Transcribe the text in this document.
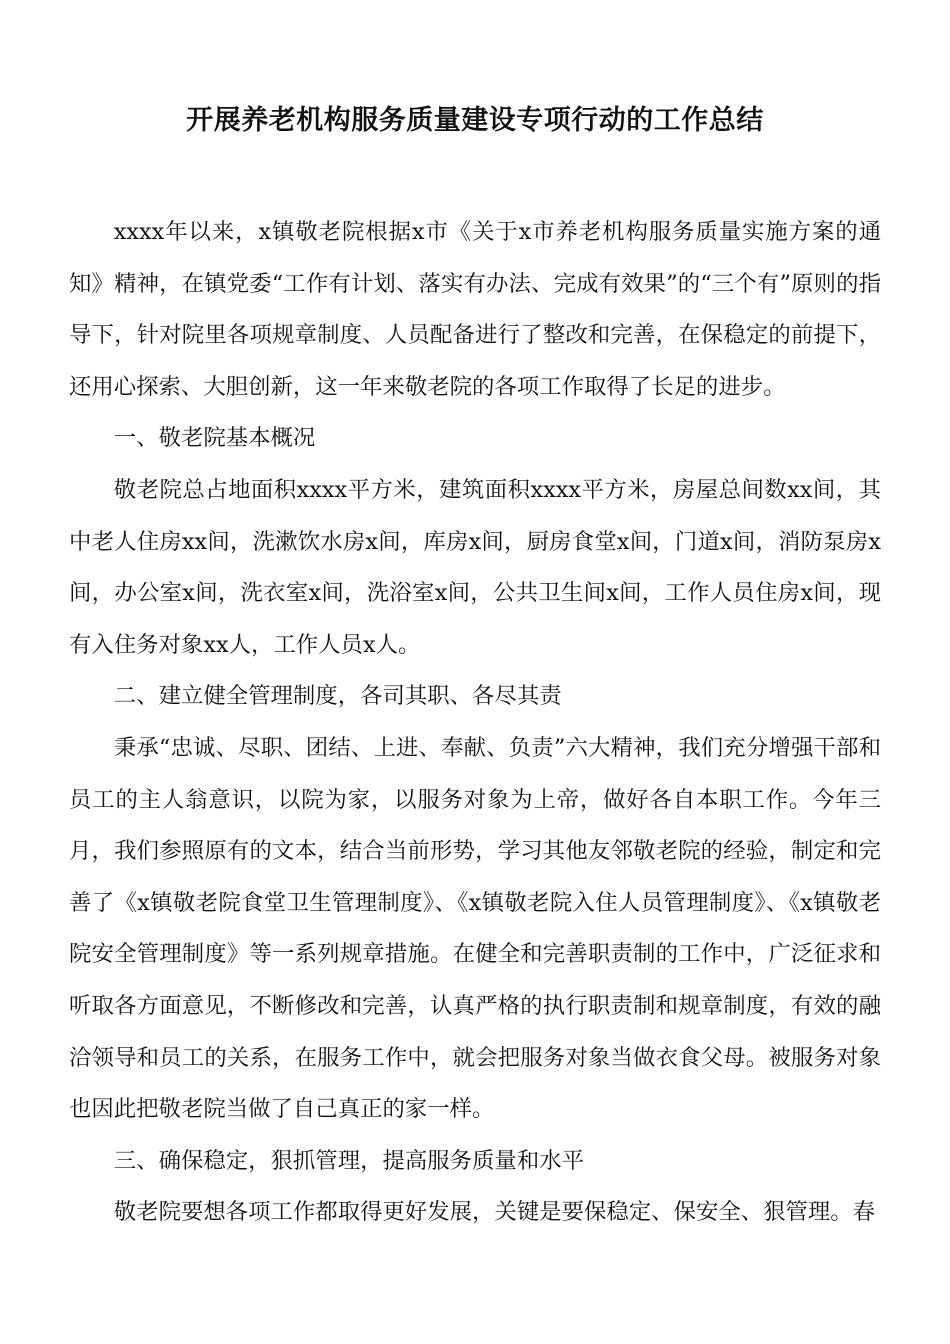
开展养老机构服务质量建设专项行动的工作总结

xxxx年以来，x镇敬老院根据x市《关于x市养老机构服务质量实施方案的通知》精神，在镇党委“工作有计划、落实有办法、完成有效果”的“三个有”原则的指导下，针对院里各项规章制度、人员配备进行了整改和完善，在保稳定的前提下，还用心探索、大胆创新，这一年来敬老院的各项工作取得了长足的进步。

一、敬老院基本概况

敬老院总占地面积xxxx平方米，建筑面积xxxx平方米，房屋总间数xx间，其中老人住房xx间，洗漱饮水房x间，库房x间，厨房食堂x间，门道x间，消防泵房x间，办公室x间，洗衣室x间，洗浴室x间，公共卫生间x间，工作人员住房x间，现有入住务对象xx人，工作人员x人。

二、建立健全管理制度，各司其职、各尽其责

秉承“忠诚、尽职、团结、上进、奉献、负责”六大精神，我们充分增强干部和员工的主人翁意识，以院为家，以服务对象为上帝，做好各自本职工作。今年三月，我们参照原有的文本，结合当前形势，学习其他友邻敬老院的经验，制定和完善了《x镇敬老院食堂卫生管理制度》、《x镇敬老院入住人员管理制度》、《x镇敬老院安全管理制度》等一系列规章措施。在健全和完善职责制的工作中，广泛征求和听取各方面意见，不断修改和完善，认真严格的执行职责制和规章制度，有效的融洽领导和员工的关系，在服务工作中，就会把服务对象当做衣食父母。被服务对象也因此把敬老院当做了自己真正的家一样。

三、确保稳定，狠抓管理，提高服务质量和水平

敬老院要想各项工作都取得更好发展，关键是要保稳定、保安全、狠管理。春
